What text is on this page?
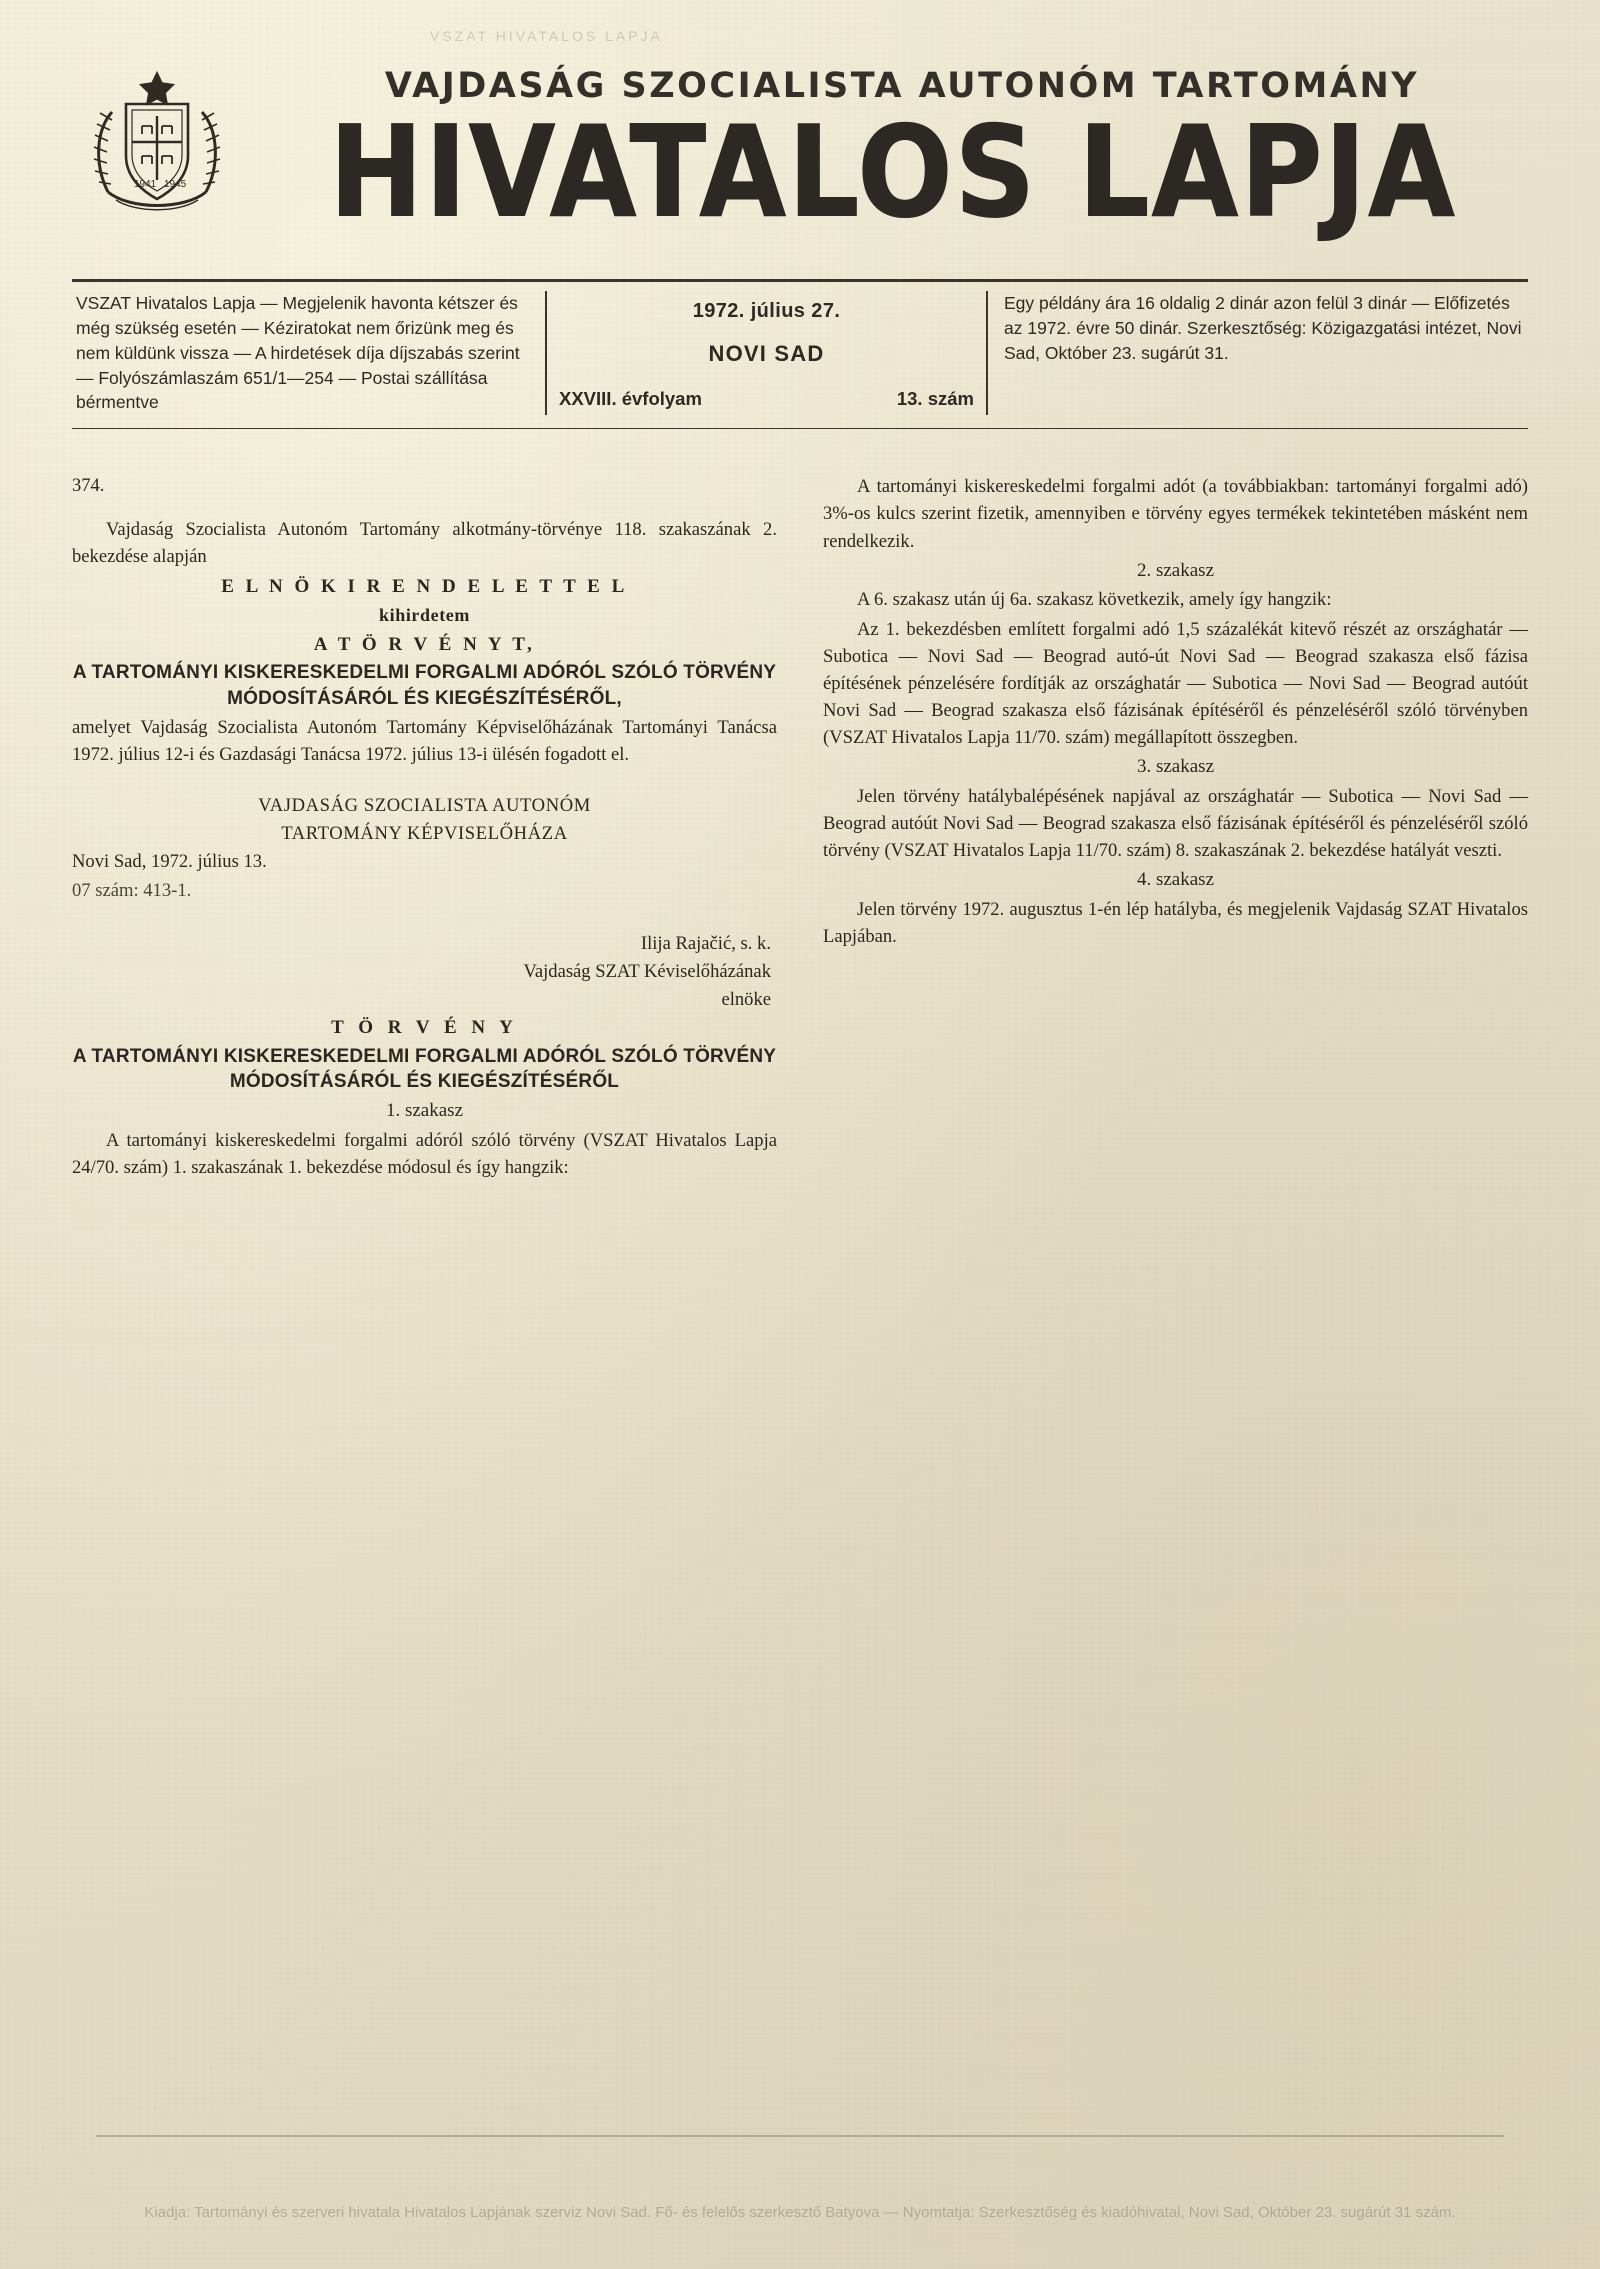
VSZAT HIVATALOS LAPJA
1941 1945
VAJDASÁG SZOCIALISTA AUTONÓM TARTOMÁNY
HIVATALOS LAPJA
VSZAT Hivatalos Lapja — Megjelenik havonta kétszer és még szükség esetén — Kéziratokat nem őrizünk meg és nem küldünk vissza — A hirdetések díja díjszabás szerint — Folyószámlaszám 651/1—254 — Postai szállítása bérmentve
1972. július 27.
NOVI SAD
XXVIII. évfolyam	13. szám
Egy példány ára 16 oldalig 2 dinár azon felül 3 dinár — Előfizetés az 1972. évre 50 dinár. Szerkesztőség: Közigazgatási intézet, Novi Sad, Október 23. sugárút 31.
374.

Vajdaság Szocialista Autonóm Tartomány alkotmány-törvénye 118. szakaszának 2. bekezdése alapján

E L N Ö K I R E N D E L E T T E L

kihirdetem

A T Ö R V É N Y T,

A TARTOMÁNYI KISKERESKEDELMI FORGALMI ADÓRÓL SZÓLÓ TÖRVÉNY MÓDOSÍTÁSÁRÓL ÉS KIEGÉSZÍTÉSÉRŐL,

amelyet Vajdaság Szocialista Autonóm Tartomány Képviselőházának Tartományi Tanácsa 1972. július 12-i és Gazdasági Tanácsa 1972. július 13-i ülésén fogadott el.

VAJDASÁG SZOCIALISTA AUTONÓM
TARTOMÁNY KÉPVISELŐHÁZA

Novi Sad, 1972. július 13.

07 szám: 413-1.

Ilija Rajačić, s. k.
Vajdaság SZAT Kéviselőházának
elnöke

T Ö R V É N Y

A TARTOMÁNYI KISKERESKEDELMI FORGALMI ADÓRÓL SZÓLÓ TÖRVÉNY MÓDOSÍTÁSÁRÓL ÉS KIEGÉSZÍTÉSÉRŐL

1. szakasz

A tartományi kiskereskedelmi forgalmi adóról szóló törvény (VSZAT Hivatalos Lapja 24/70. szám) 1. szakaszának 1. bekezdése módosul és így hangzik:

A tartományi kiskereskedelmi forgalmi adót (a továbbiakban: tartományi forgalmi adó) 3%-os kulcs szerint fizetik, amennyiben e törvény egyes termékek tekintetében másként nem rendelkezik.

2. szakasz

A 6. szakasz után új 6a. szakasz következik, amely így hangzik:

Az 1. bekezdésben említett forgalmi adó 1,5 százalékát kitevő részét az országhatár — Subotica — Novi Sad — Beograd autó-út Novi Sad — Beograd szakasza első fázisa építésének pénzelésére fordítják az országhatár — Subotica — Novi Sad — Beograd autóút Novi Sad — Beograd szakasza első fázisának építéséről és pénzeléséről szóló törvényben (VSZAT Hivatalos Lapja 11/70. szám) megállapított összegben.

3. szakasz

Jelen törvény hatálybalépésének napjával az országhatár — Subotica — Novi Sad — Beograd autóút Novi Sad — Beograd szakasza első fázisának építéséről és pénzeléséről szóló törvény (VSZAT Hivatalos Lapja 11/70. szám) 8. szakaszának 2. bekezdése hatályát veszti.

4. szakasz

Jelen törvény 1972. augusztus 1-én lép hatályba, és megjelenik Vajdaság SZAT Hivatalos Lapjában.

Kiadja: Tartományi és szerveri hivatala Hivatalos Lapjának szerviz Novi Sad. Fő- és felelős szerkesztő Batyova — Nyomtatja: Szerkesztőség és kiadóhivatal, Novi Sad, Október 23. sugárút 31 szám.
